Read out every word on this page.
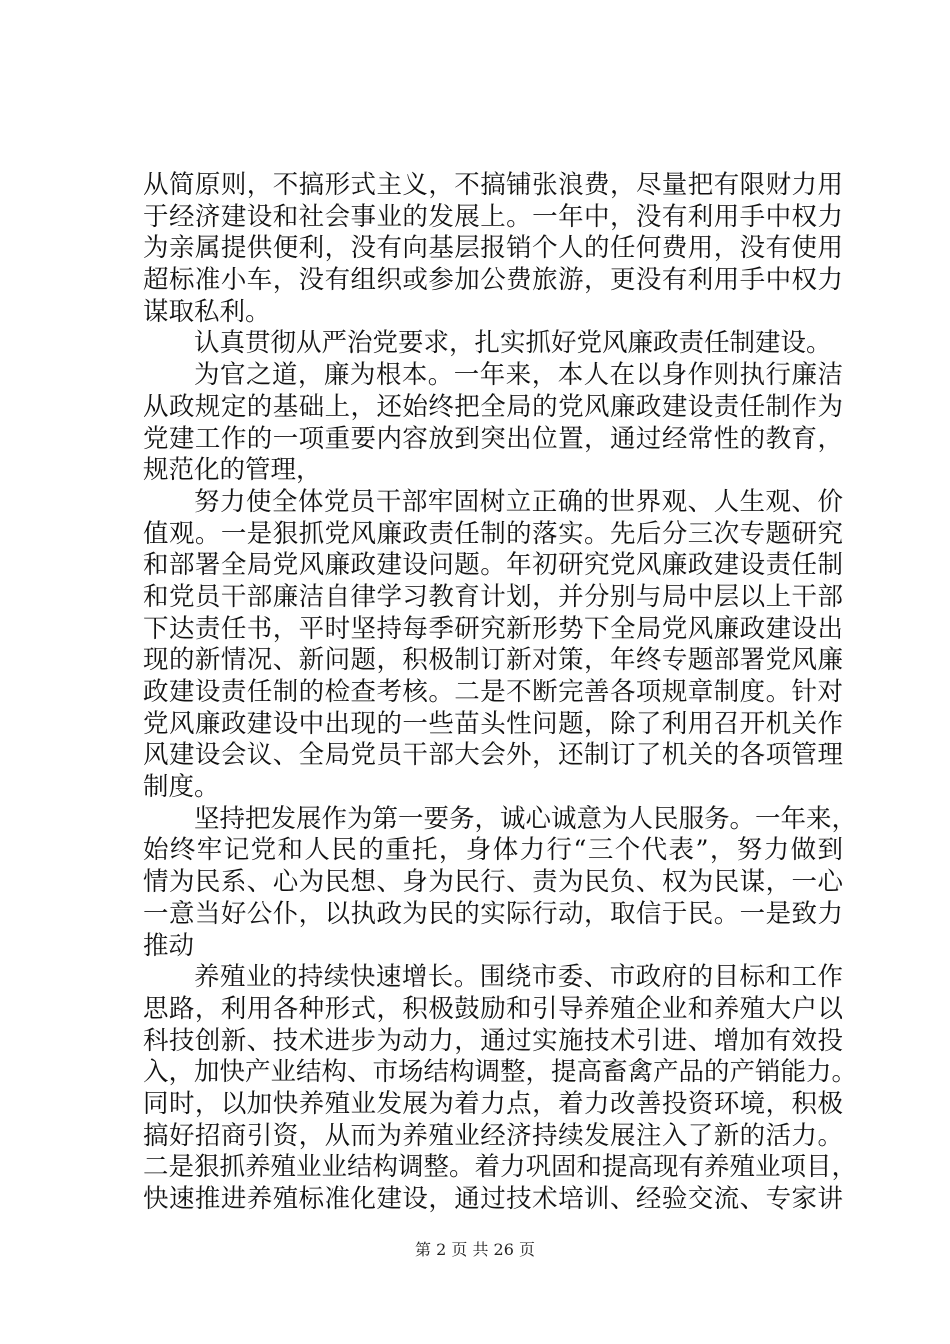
从简原则，不搞形式主义，不搞铺张浪费，尽量把有限财力用
于经济建设和社会事业的发展上。一年中，没有利用手中权力
为亲属提供便利，没有向基层报销个人的任何费用，没有使用
超标准小车，没有组织或参加公费旅游，更没有利用手中权力
谋取私利。
认真贯彻从严治党要求，扎实抓好党风廉政责任制建设。
为官之道，廉为根本。一年来，本人在以身作则执行廉洁
从政规定的基础上，还始终把全局的党风廉政建设责任制作为
党建工作的一项重要内容放到突出位置，通过经常性的教育，
规范化的管理，
努力使全体党员干部牢固树立正确的世界观、人生观、价
值观。一是狠抓党风廉政责任制的落实。先后分三次专题研究
和部署全局党风廉政建设问题。年初研究党风廉政建设责任制
和党员干部廉洁自律学习教育计划，并分别与局中层以上干部
下达责任书，平时坚持每季研究新形势下全局党风廉政建设出
现的新情况、新问题，积极制订新对策，年终专题部署党风廉
政建设责任制的检查考核。二是不断完善各项规章制度。针对
党风廉政建设中出现的一些苗头性问题，除了利用召开机关作
风建设会议、全局党员干部大会外，还制订了机关的各项管理
制度。
坚持把发展作为第一要务，诚心诚意为人民服务。一年来，
始终牢记党和人民的重托，身体力行“三个代表”，努力做到
情为民系、心为民想、身为民行、责为民负、权为民谋，一心
一意当好公仆，以执政为民的实际行动，取信于民。一是致力
推动
养殖业的持续快速增长。围绕市委、市政府的目标和工作
思路，利用各种形式，积极鼓励和引导养殖企业和养殖大户以
科技创新、技术进步为动力，通过实施技术引进、增加有效投
入，加快产业结构、市场结构调整，提高畜禽产品的产销能力。
同时，以加快养殖业发展为着力点，着力改善投资环境，积极
搞好招商引资，从而为养殖业经济持续发展注入了新的活力。
二是狠抓养殖业业结构调整。着力巩固和提高现有养殖业项目，
快速推进养殖标准化建设，通过技术培训、经验交流、专家讲
第 2 页 共 26 页
